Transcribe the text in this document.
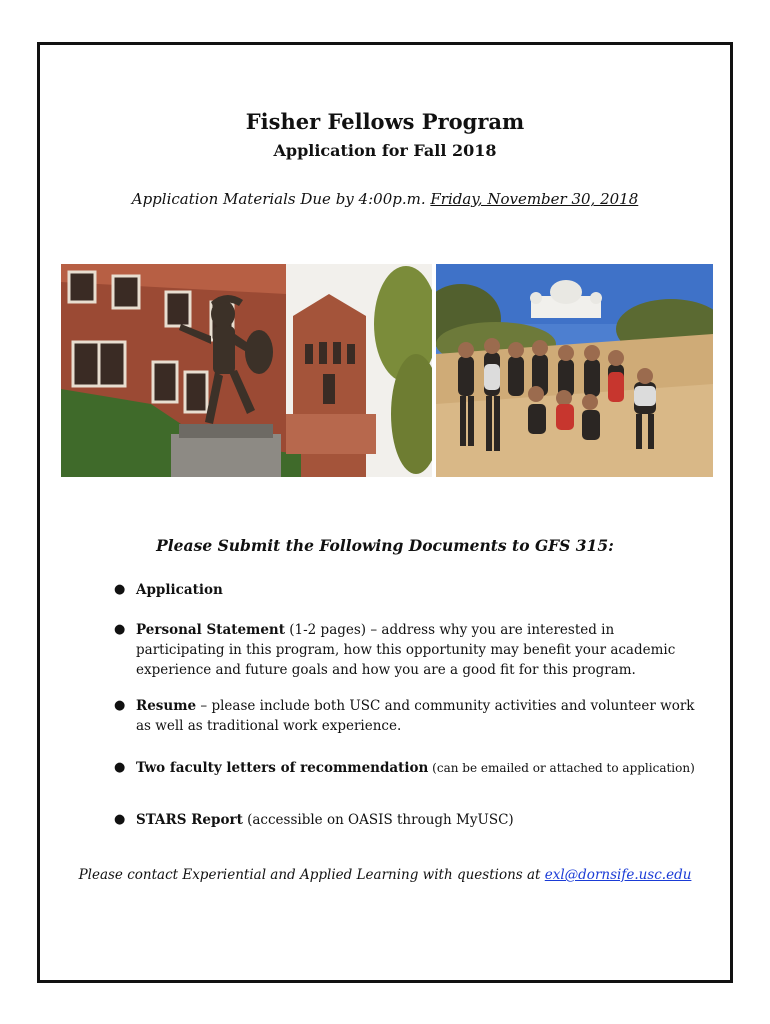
Fisher Fellows Program
Application for Fall 2018
Application Materials Due by 4:00p.m. Friday, November 30, 2018
Please Submit the Following Documents to GFS 315:
● Application
● Personal Statement (1-2 pages) – address why you are interested in participating in this program, how this opportunity may benefit your academic experience and future goals and how you are a good fit for this program.
● Resume – please include both USC and community activities and volunteer work as well as traditional work experience.
● Two faculty letters of recommendation (can be emailed or attached to application)
● STARS Report (accessible on OASIS through MyUSC)
Please contact Experiential and Applied Learning with questions at exl@dornsife.usc.edu
